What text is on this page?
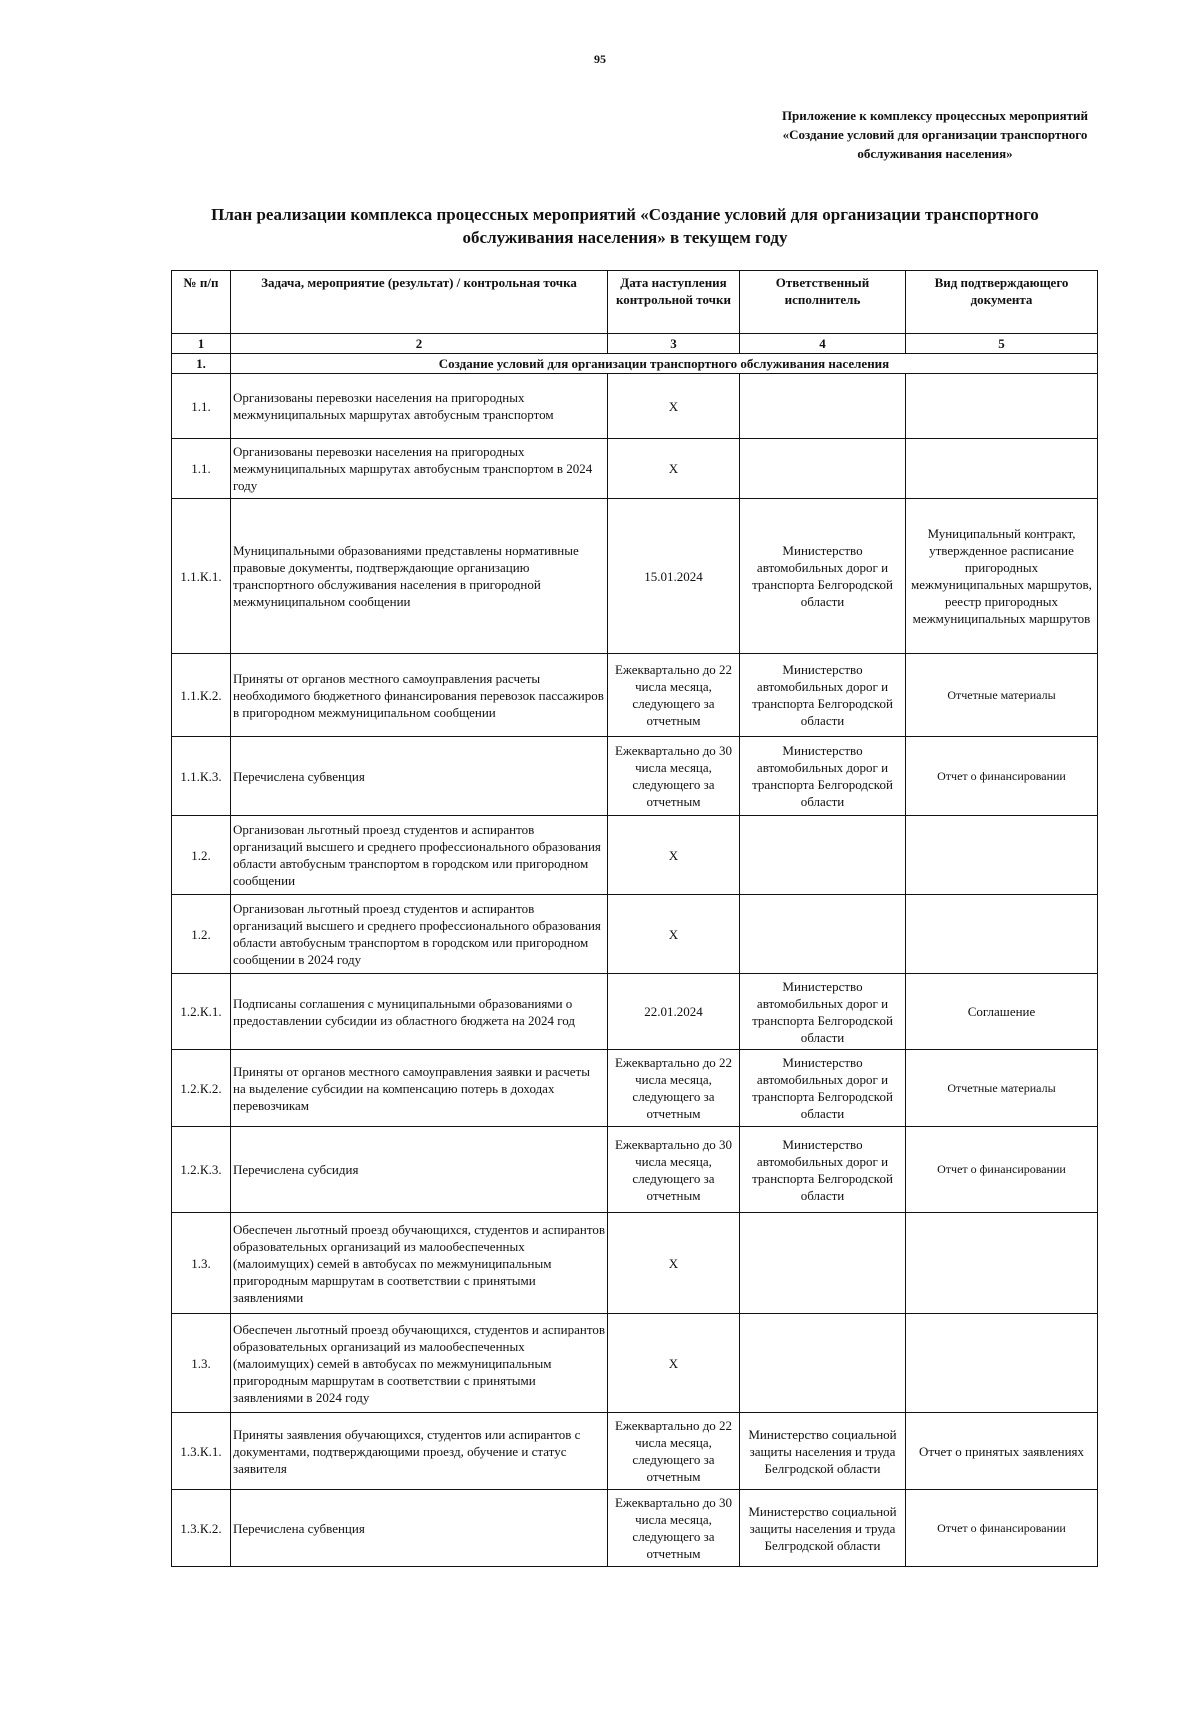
95
Приложение к комплексу процессных мероприятий
«Создание условий для организации транспортного
обслуживания населения»
План реализации комплекса процессных мероприятий «Создание условий для организации транспортного
обслуживания населения» в текущем году
№ п/п	Задача, мероприятие (результат) / контрольная точка	Дата наступления контрольной точки	Ответственный исполнитель	Вид подтверждающего документа
1	2	3	4	5
1.	Создание условий для организации транспортного обслуживания населения			
1.1.	Организованы перевозки населения на пригородных межмуниципальных маршрутах автобусным транспортом	X		
1.1.	Организованы перевозки населения на пригородных межмуниципальных маршрутах автобусным транспортом в 2024 году	X		
1.1.К.1.	Муниципальными образованиями представлены нормативные правовые документы, подтверждающие организацию транспортного обслуживания населения в пригородной межмуниципальном сообщении	15.01.2024	Министерство автомобильных дорог и транспорта Белгородской области	Муниципальный контракт, утвержденное расписание пригородных межмуниципальных маршрутов, реестр пригородных межмуниципальных маршрутов
1.1.К.2.	Приняты от органов местного самоуправления расчеты необходимого бюджетного финансирования перевозок пассажиров в пригородном межмуниципальном сообщении	Ежеквартально до 22 числа месяца, следующего за отчетным	Министерство автомобильных дорог и транспорта Белгородской области	Отчетные материалы
1.1.К.3.	Перечислена субвенция	Ежеквартально до 30 числа месяца, следующего за отчетным	Министерство автомобильных дорог и транспорта Белгородской области	Отчет о финансировании
1.2.	Организован льготный проезд студентов и аспирантов организаций высшего и среднего профессионального образования области автобусным транспортом в городском или пригородном сообщении	X		
1.2.	Организован льготный проезд студентов и аспирантов организаций высшего и среднего профессионального образования области автобусным транспортом в городском или пригородном сообщении в 2024 году	X		
1.2.К.1.	Подписаны соглашения с муниципальными образованиями о предоставлении субсидии из областного бюджета на 2024 год	22.01.2024	Министерство автомобильных дорог и транспорта Белгородской области	Соглашение
1.2.К.2.	Приняты от органов местного самоуправления заявки и расчеты на выделение субсидии на компенсацию потерь в доходах перевозчикам	Ежеквартально до 22 числа месяца, следующего за отчетным	Министерство автомобильных дорог и транспорта Белгородской области	Отчетные материалы
1.2.К.3.	Перечислена субсидия	Ежеквартально до 30 числа месяца, следующего за отчетным	Министерство автомобильных дорог и транспорта Белгородской области	Отчет о финансировании
1.3.	Обеспечен льготный проезд обучающихся, студентов и аспирантов образовательных организаций из малообеспеченных (малоимущих) семей в автобусах по межмуниципальным пригородным маршрутам в соответствии с принятыми заявлениями	X		
1.3.	Обеспечен льготный проезд обучающихся, студентов и аспирантов образовательных организаций из малообеспеченных (малоимущих) семей в автобусах по межмуниципальным пригородным маршрутам в соответствии с принятыми заявлениями в 2024 году	X		
1.3.К.1.	Приняты заявления обучающихся, студентов или аспирантов с документами, подтверждающими проезд, обучение и статус заявителя	Ежеквартально до 22 числа месяца, следующего за отчетным	Министерство социальной защиты населения и труда Белгродской области	Отчет о принятых заявлениях
1.3.К.2.	Перечислена субвенция	Ежеквартально до 30 числа месяца, следующего за отчетным	Министерство социальной защиты населения и труда Белгродской области	Отчет о финансировании
